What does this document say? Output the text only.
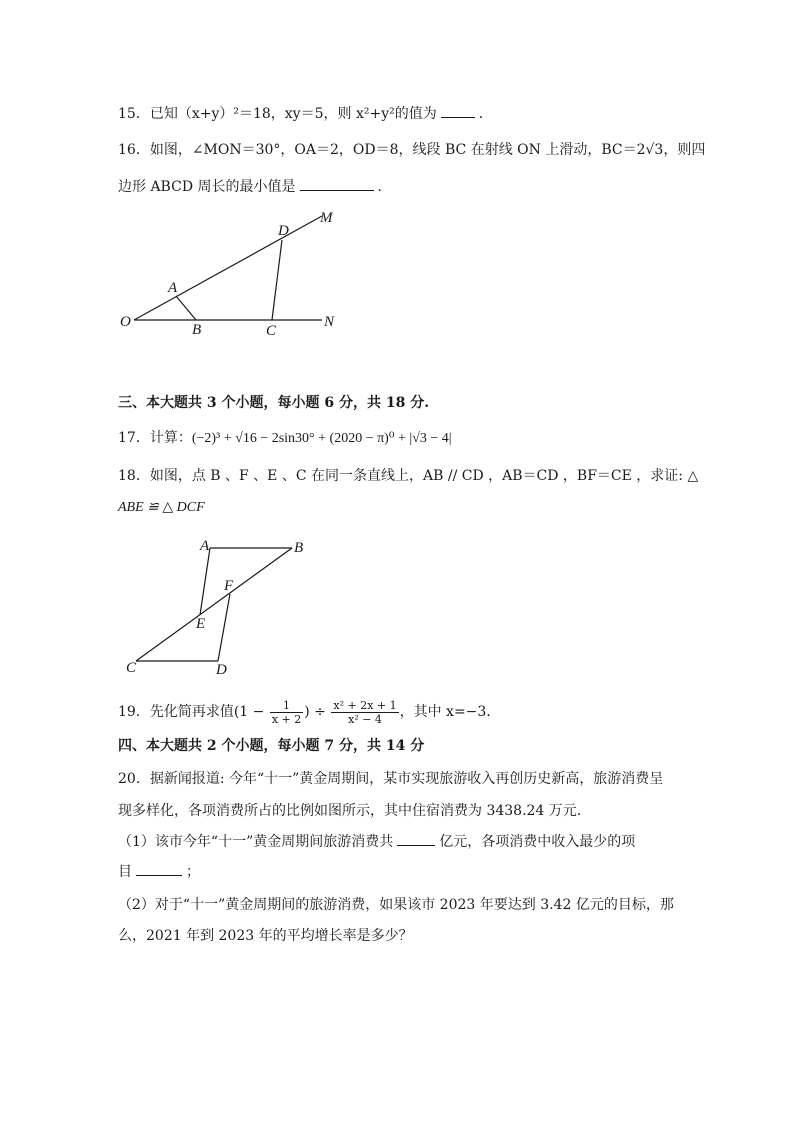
15．已知（x+y）²＝18，xy＝5，则 x²+y²的值为	．
16．如图，∠MON＝30°，OA＝2，OD＝8，线段 BC 在射线 ON 上滑动，BC＝2√3，则四
边形 ABCD 周长的最小值是	．
O
A
B	C
D
M
N
三、本大题共 3 个小题，每小题 6 分，共 18 分.
17．计算：(−2)³ + √16 − 2sin30° + (2020 − π)⁰ + |√3 − 4|
18．如图，点 B 、F 、E 、C 在同一条直线上，AB // CD ，AB＝CD ，BF＝CE ，求证: △
ABE ≌ △ DCF
A	B
F
E
C	D
19．先化简再求值($1 - \frac{1}{x + 2}$ ) ÷ $\frac{\text{x² + 2x + 1}}{\text{x² − 4}}$ ，其中 x=−3．
四、本大题共 2 个小题，每小题 7 分，共 14 分
20．据新闻报道: 今年“十一”黄金周期间，某市实现旅游收入再创历史新高，旅游消费呈
现多样化，各项消费所占的比例如图所示，其中住宿消费为 3438.24 万元．
（1）该市今年“十一”黄金周期间旅游消费共	亿元，各项消费中收入最少的项
目	；
（2）对于“十一”黄金周期间的旅游消费，如果该市 2023 年要达到 3.42 亿元的目标，那
么，2021 年到 2023 年的平均增长率是多少？
